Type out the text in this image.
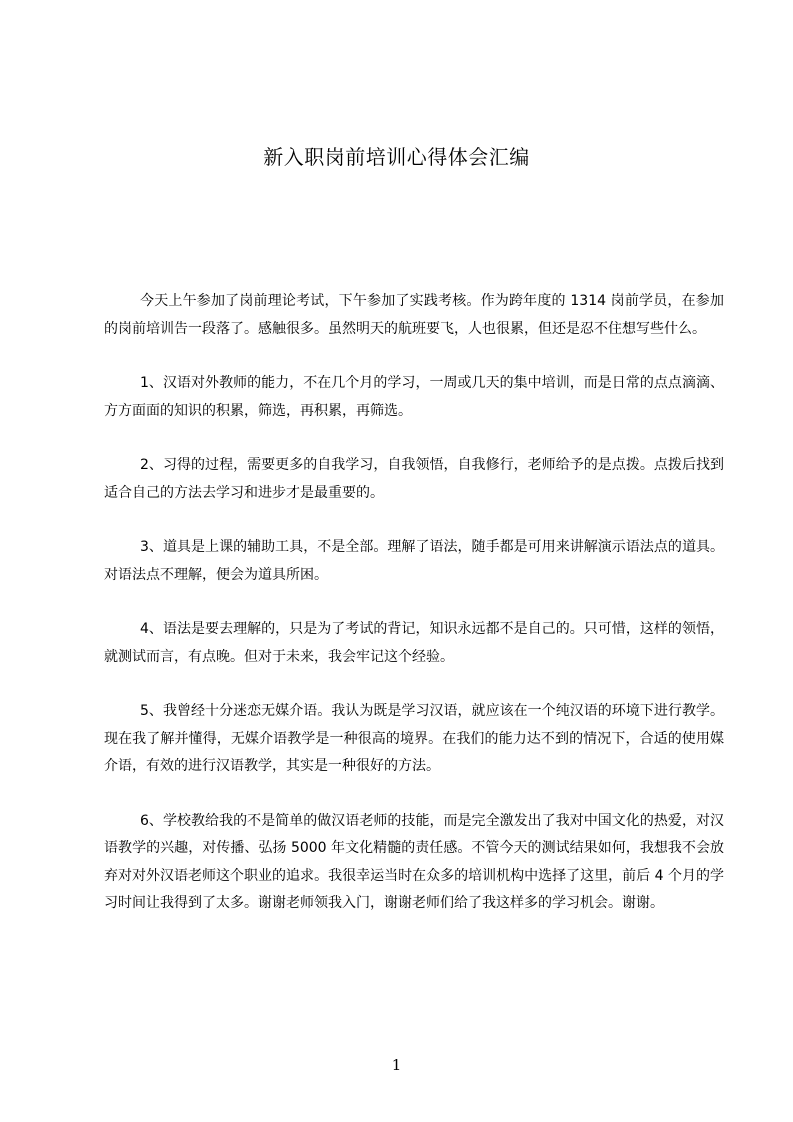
新入职岗前培训心得体会汇编

今天上午参加了岗前理论考试，下午参加了实践考核。作为跨年度的 1314 岗前学员，在参加的岗前培训告一段落了。感触很多。虽然明天的航班要飞，人也很累，但还是忍不住想写些什么。

1、汉语对外教师的能力，不在几个月的学习，一周或几天的集中培训，而是日常的点点滴滴、方方面面的知识的积累，筛选，再积累，再筛选。

2、习得的过程，需要更多的自我学习，自我领悟，自我修行，老师给予的是点拨。点拨后找到适合自己的方法去学习和进步才是最重要的。

3、道具是上课的辅助工具，不是全部。理解了语法，随手都是可用来讲解演示语法点的道具。对语法点不理解，便会为道具所困。

4、语法是要去理解的，只是为了考试的背记，知识永远都不是自己的。只可惜，这样的领悟，就测试而言，有点晚。但对于未来，我会牢记这个经验。

5、我曾经十分迷恋无媒介语。我认为既是学习汉语，就应该在一个纯汉语的环境下进行教学。现在我了解并懂得，无媒介语教学是一种很高的境界。在我们的能力达不到的情况下，合适的使用媒介语，有效的进行汉语教学，其实是一种很好的方法。

6、学校教给我的不是简单的做汉语老师的技能，而是完全激发出了我对中国文化的热爱，对汉语教学的兴趣，对传播、弘扬 5000 年文化精髓的责任感。不管今天的测试结果如何，我想我不会放弃对对外汉语老师这个职业的追求。我很幸运当时在众多的培训机构中选择了这里，前后 4 个月的学习时间让我得到了太多。谢谢老师领我入门，谢谢老师们给了我这样多的学习机会。谢谢。

1
